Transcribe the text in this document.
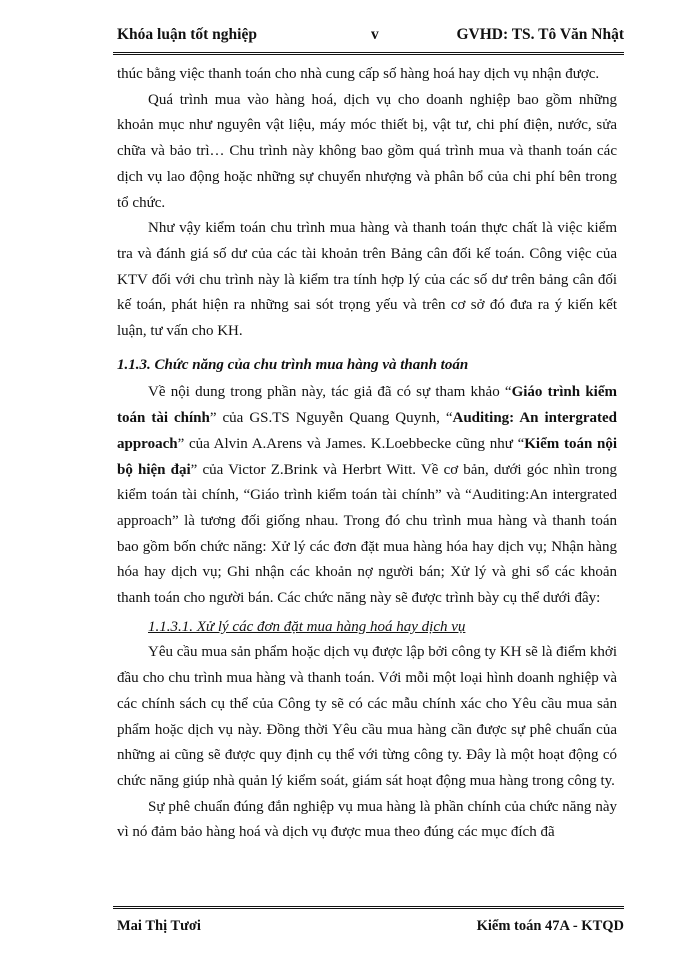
Khóa luận tốt nghiệp	v	GVHD: TS. Tô Văn Nhật

thúc bằng việc thanh toán cho nhà cung cấp số hàng hoá hay dịch vụ nhận được.

Quá trình mua vào hàng hoá, dịch vụ cho doanh nghiệp bao gồm những khoản mục như nguyên vật liệu, máy móc thiết bị, vật tư, chi phí điện, nước, sửa chữa và bảo trì… Chu trình này không bao gồm quá trình mua và thanh toán các dịch vụ lao động hoặc những sự chuyển nhượng và phân bổ của chi phí bên trong tổ chức.

Như vậy kiểm toán chu trình mua hàng và thanh toán thực chất là việc kiểm tra và đánh giá số dư của các tài khoản trên Bảng cân đối kế toán. Công việc của KTV đối với chu trình này là kiểm tra tính hợp lý của các số dư trên bảng cân đối kế toán, phát hiện ra những sai sót trọng yếu và trên cơ sở đó đưa ra ý kiến kết luận, tư vấn cho KH.

1.1.3. Chức năng của chu trình mua hàng và thanh toán

Về nội dung trong phần này, tác giả đã có sự tham khảo “Giáo trình kiểm toán tài chính” của GS.TS Nguyễn Quang Quynh, “Auditing: An intergrated approach” của Alvin A.Arens và James. K.Loebbecke cũng như “Kiểm toán nội bộ hiện đại” của Victor Z.Brink và Herbrt Witt. Về cơ bản, dưới góc nhìn trong kiểm toán tài chính, “Giáo trình kiểm toán tài chính” và “Auditing:An intergrated approach” là tương đối giống nhau. Trong đó chu trình mua hàng và thanh toán bao gồm bốn chức năng: Xử lý các đơn đặt mua hàng hóa hay dịch vụ; Nhận hàng hóa hay dịch vụ; Ghi nhận các khoản nợ người bán; Xử lý và ghi sổ các khoản thanh toán cho người bán. Các chức năng này sẽ được trình bày cụ thể dưới đây:

1.1.3.1. Xử lý các đơn đặt mua hàng hoá hay dịch vụ

Yêu cầu mua sản phẩm hoặc dịch vụ được lập bởi công ty KH sẽ là điểm khởi đầu cho chu trình mua hàng và thanh toán. Với mỗi một loại hình doanh nghiệp và các chính sách cụ thể của Công ty sẽ có các mẫu chính xác cho Yêu cầu mua sản phẩm hoặc dịch vụ này. Đồng thời Yêu cầu mua hàng cần được sự phê chuẩn của những ai cũng sẽ được quy định cụ thể với từng công ty. Đây là một hoạt động có chức năng giúp nhà quản lý kiểm soát, giám sát hoạt động mua hàng trong công ty.

Sự phê chuẩn đúng đắn nghiệp vụ mua hàng là phần chính của chức năng này vì nó đảm bảo hàng hoá và dịch vụ được mua theo đúng các mục đích đã

Mai Thị Tươi	Kiểm toán 47A - KTQD
